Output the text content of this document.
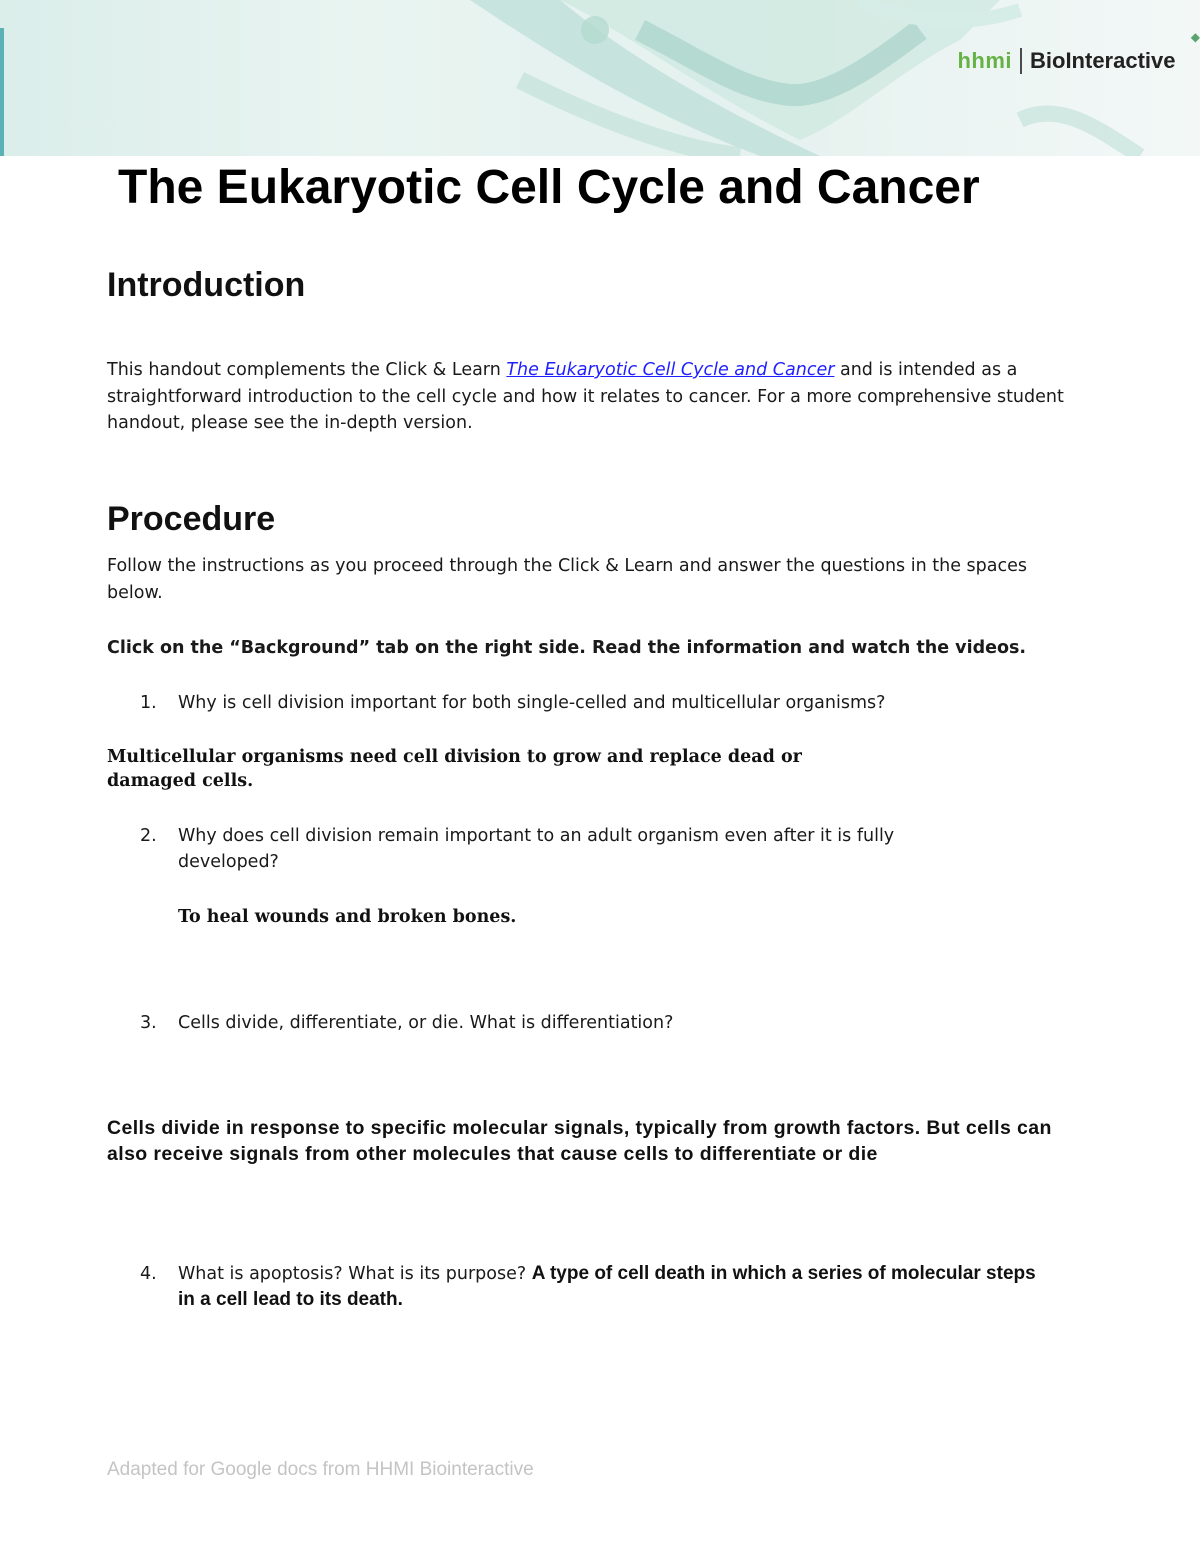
◆
hhmi BioInteractive
The Eukaryotic Cell Cycle and Cancer
Introduction
This handout complements the Click & Learn The Eukaryotic Cell Cycle and Cancer and is intended as a straightforward introduction to the cell cycle and how it relates to cancer. For a more comprehensive student handout, please see the in-depth version.
Procedure
Follow the instructions as you proceed through the Click & Learn and answer the questions in the spaces below.
Click on the “Background” tab on the right side. Read the information and watch the videos.
1.	Why is cell division important for both single-celled and multicellular organisms?
Multicellular organisms need cell division to grow and replace dead or damaged cells.
2.	Why does cell division remain important to an adult organism even after it is fully developed?
To heal wounds and broken bones.
3.	Cells divide, differentiate, or die. What is differentiation?
Cells divide in response to specific molecular signals, typically from growth factors. But cells can also receive signals from other molecules that cause cells to differentiate or die
4.	What is apoptosis? What is its purpose? A type of cell death in which a series of molecular steps in a cell lead to its death.
Adapted for Google docs from HHMI Biointeractive
